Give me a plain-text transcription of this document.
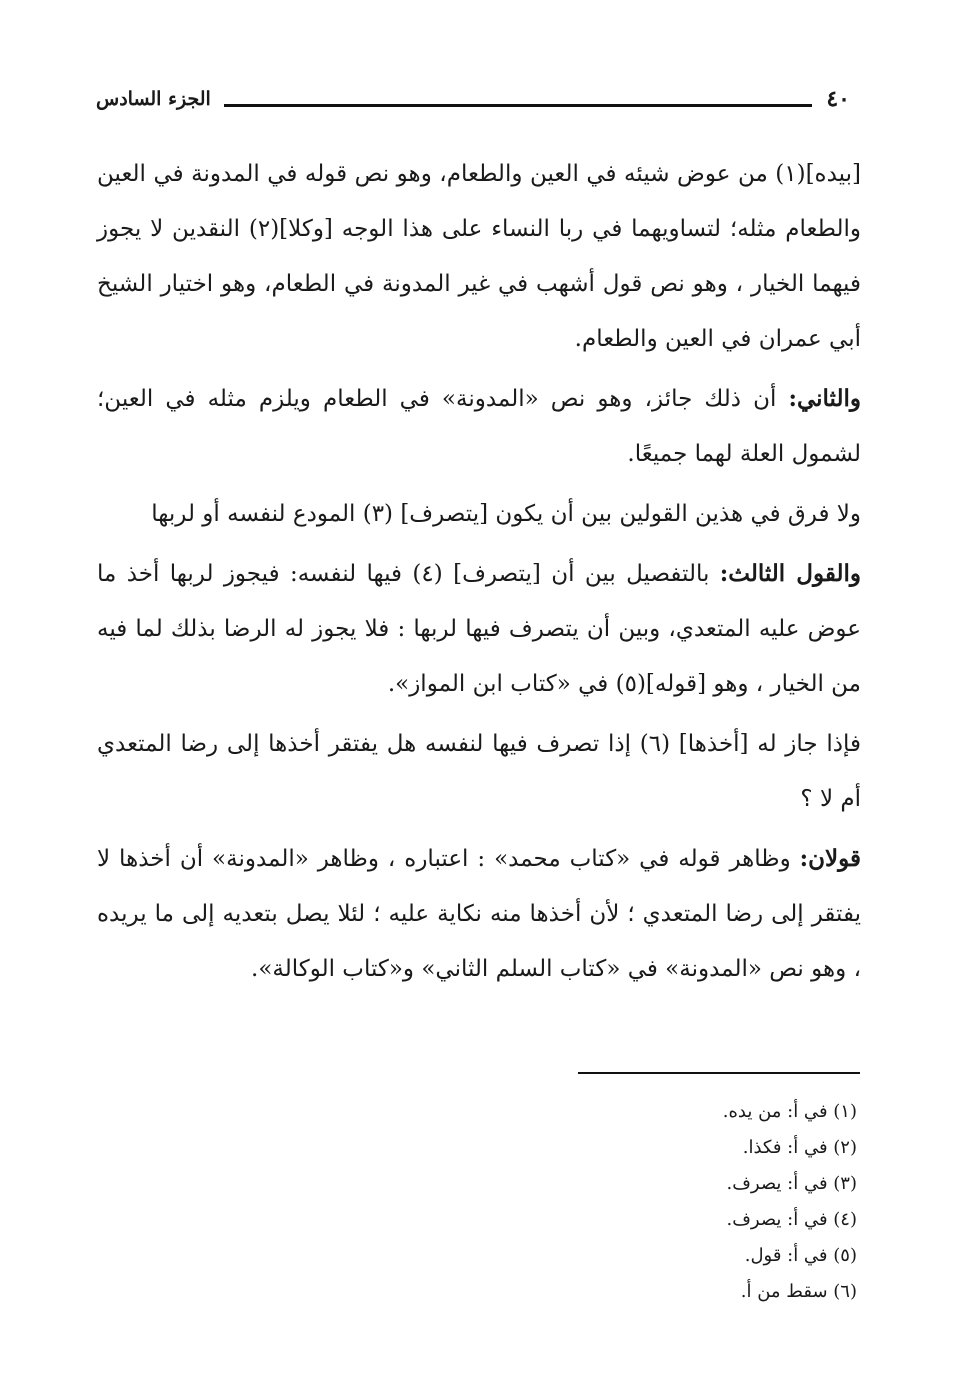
الجزء السادس	٤٠

[بيده](١) من عوض شيئه في العين والطعام، وهو نص قوله في المدونة في العين والطعام مثله؛ لتساويهما في ربا النساء على هذا الوجه [وكلا](٢) النقدين لا يجوز فيهما الخيار ، وهو نص قول أشهب في غير المدونة في الطعام، وهو اختيار الشيخ أبي عمران في العين والطعام.

والثاني: أن ذلك جائز، وهو نص «المدونة» في الطعام ويلزم مثله في العين؛ لشمول العلة لهما جميعًا.

ولا فرق في هذين القولين بين أن يكون [يتصرف] (٣) المودع لنفسه أو لربها

والقول الثالث: بالتفصيل بين أن [يتصرف] (٤) فيها لنفسه: فيجوز لربها أخذ ما عوض عليه المتعدي، وبين أن يتصرف فيها لربها : فلا يجوز له الرضا بذلك لما فيه من الخيار ، وهو [قوله](٥) في «كتاب ابن المواز».

فإذا جاز له [أخذها] (٦) إذا تصرف فيها لنفسه هل يفتقر أخذها إلى رضا المتعدي أم لا ؟

قولان: وظاهر قوله في «كتاب محمد» : اعتباره ، وظاهر «المدونة» أن أخذها لا يفتقر إلى رضا المتعدي ؛ لأن أخذها منه نكاية عليه ؛ لئلا يصل بتعديه إلى ما يريده ، وهو نص «المدونة» في «كتاب السلم الثاني» و«كتاب الوكالة».

(١) في أ: من يده.
(٢) في أ: فكذا.
(٣) في أ: يصرف.
(٤) في أ: يصرف.
(٥) في أ: قول.
(٦) سقط من أ.
